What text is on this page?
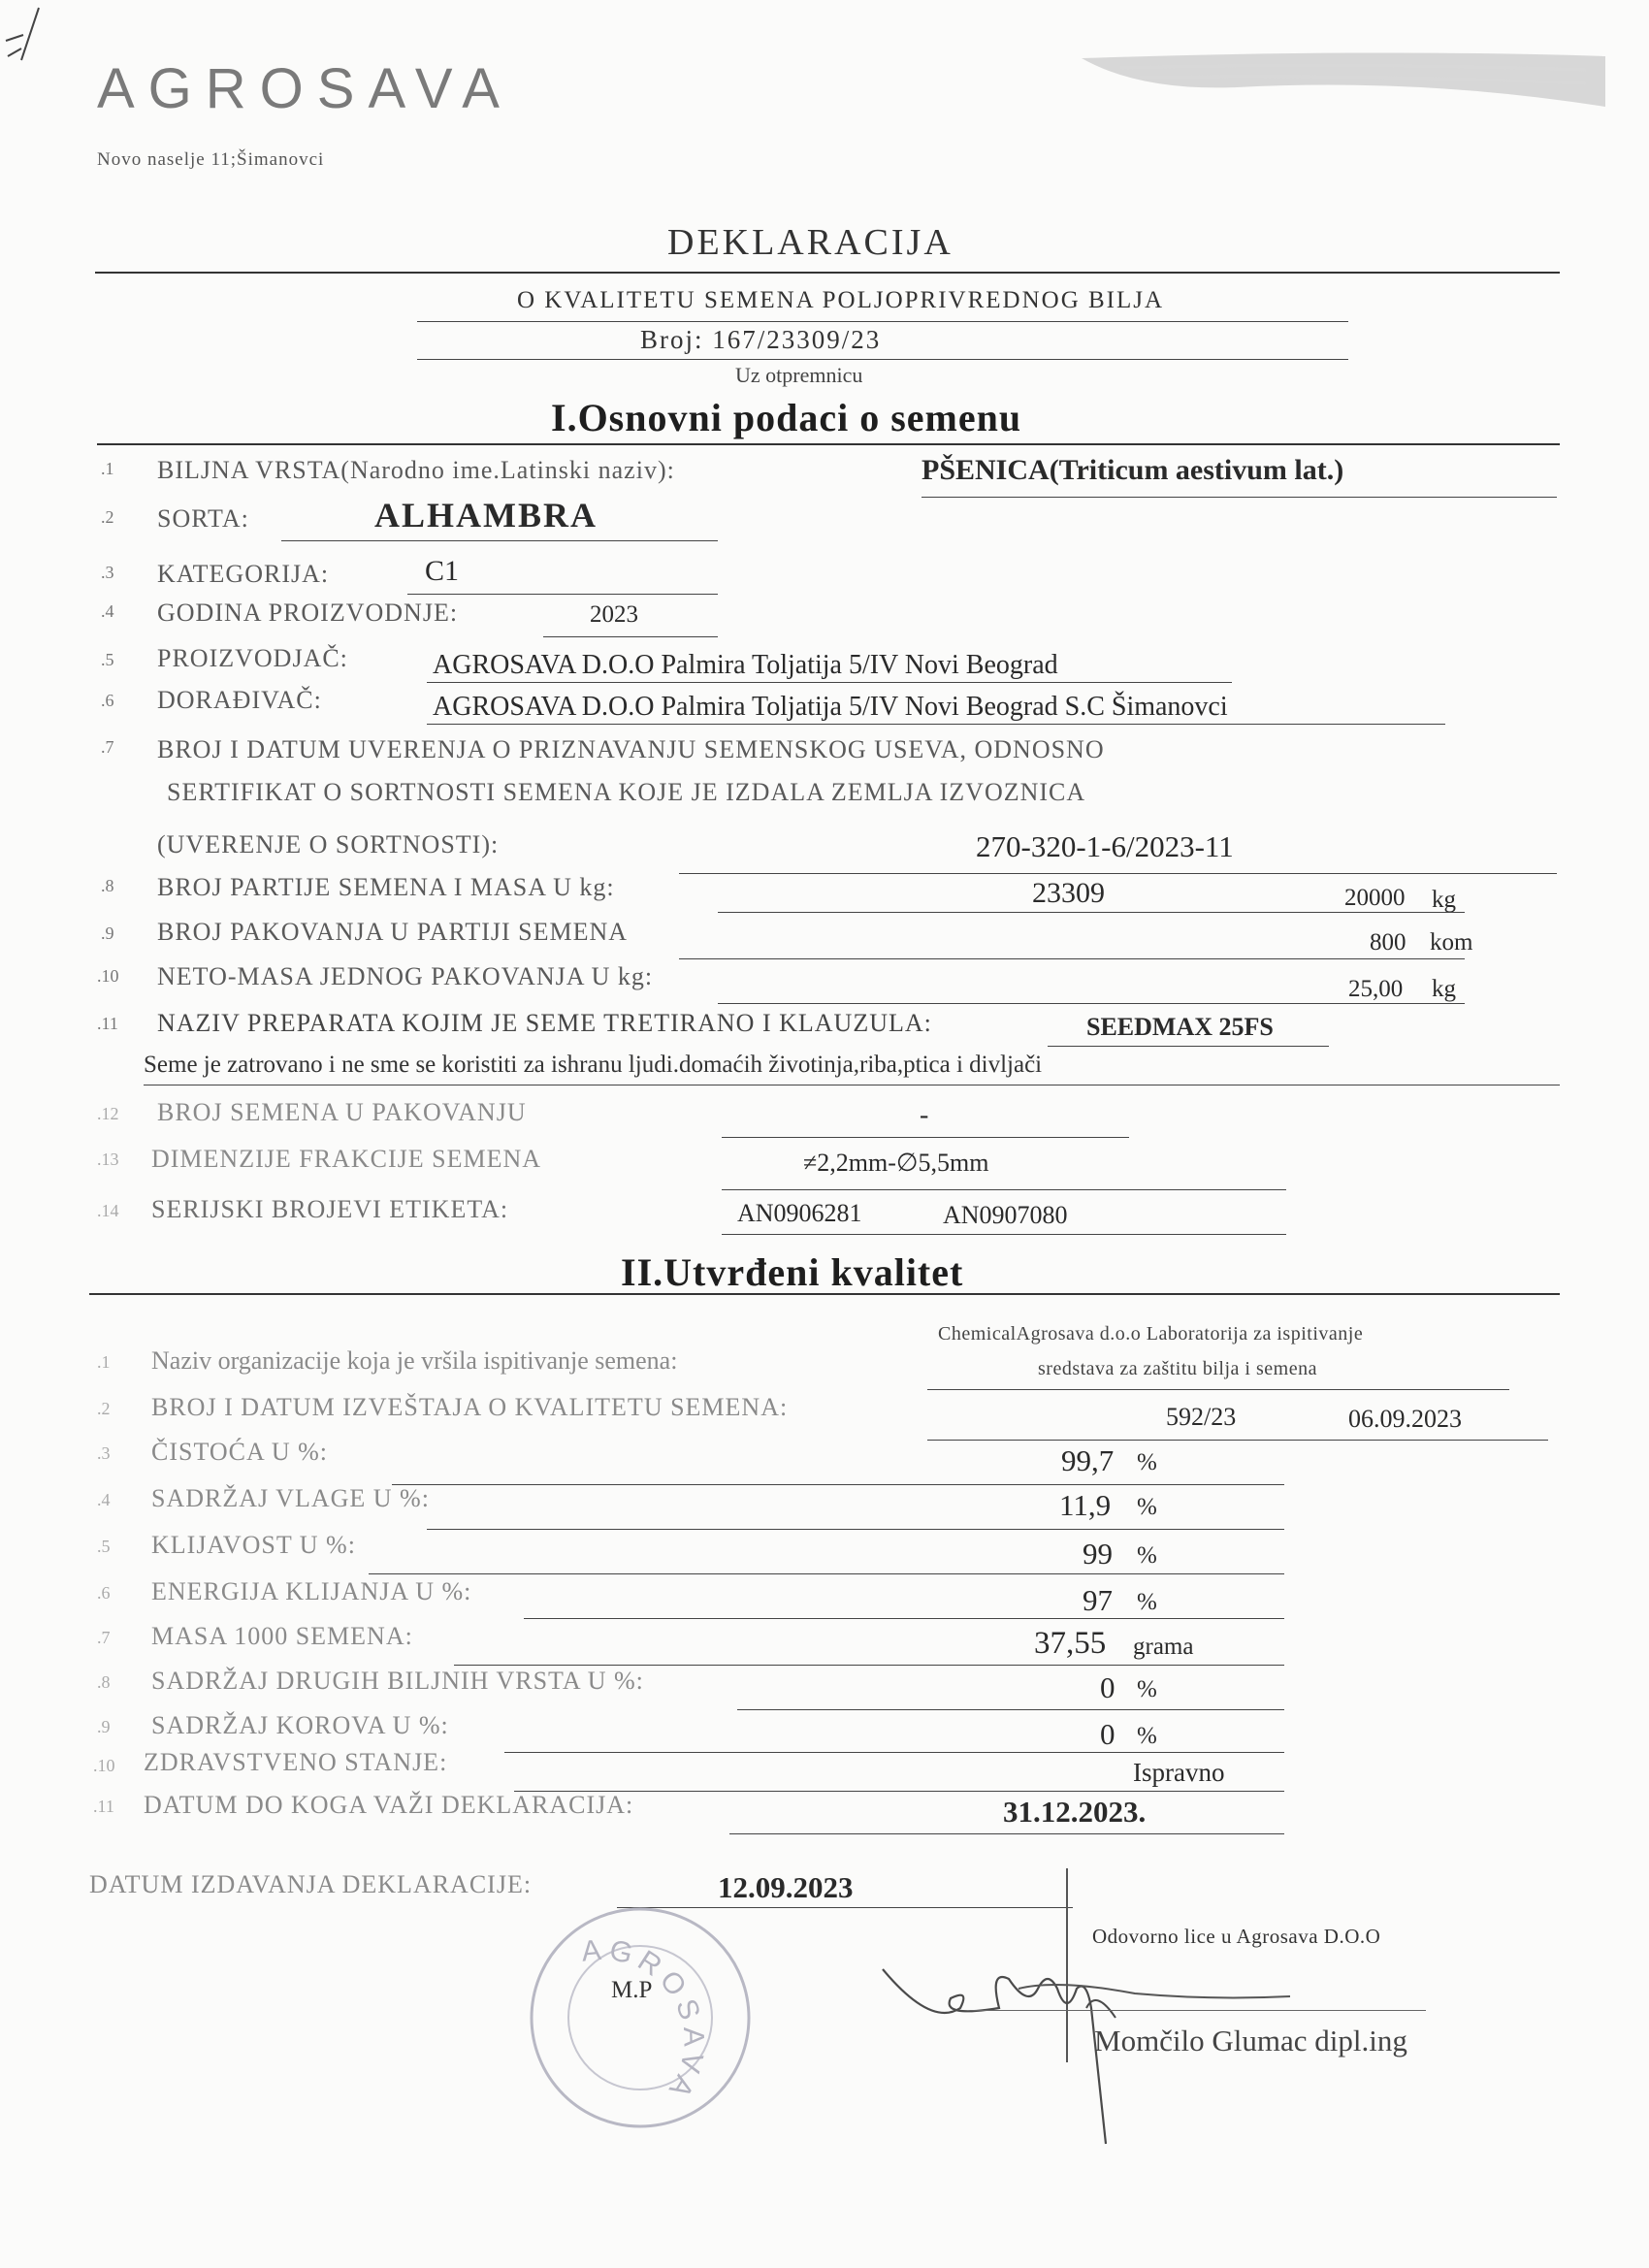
AGROSAVA
Novo naselje 11;Šimanovci
DEKLARACIJA
O KVALITETU SEMENA POLJOPRIVREDNOG BILJA
Broj: 167/23309/23
Uz otpremnicu
I.Osnovni podaci o semenu
.1 BILJNA VRSTA(Narodno ime.Latinski naziv):	PŠENICA(Triticum aestivum lat.)
.2 SORTA:	ALHAMBRA
.3 KATEGORIJA:	C1
.4 GODINA PROIZVODNJE:	2023
.5 PROIZVODJAČ:	AGROSAVA D.O.O Palmira Toljatija 5/IV Novi Beograd
.6 DORAĐIVAČ:	AGROSAVA D.O.O Palmira Toljatija 5/IV Novi Beograd S.C Šimanovci
.7 BROJ I DATUM UVERENJA O PRIZNAVANJU SEMENSKOG USEVA, ODNOSNO
SERTIFIKAT O SORTNOSTI SEMENA KOJE JE IZDALA ZEMLJA IZVOZNICA
(UVERENJE O SORTNOSTI):	270-320-1-6/2023-11
.8 BROJ PARTIJE SEMENA I MASA U kg:	23309	20000 kg
.9 BROJ PAKOVANJA U PARTIJI SEMENA	800 kom
.10 NETO-MASA JEDNOG PAKOVANJA U kg:	25,00 kg
.11 NAZIV PREPARATA KOJIM JE SEME TRETIRANO I KLAUZULA:	SEEDMAX 25FS
Seme je zatrovano i ne sme se koristiti za ishranu ljudi.domaćih životinja,riba,ptica i divljači
.12 BROJ SEMENA U PAKOVANJU	-
.13 DIMENZIJE FRAKCIJE SEMENA	≠2,2mm-∅5,5mm
.14 SERIJSKI BROJEVI ETIKETA:	AN0906281	AN0907080
II.Utvrđeni kvalitet
.1 Naziv organizacije koja je vršila ispitivanje semena:
ChemicalAgrosava d.o.o Laboratorija za ispitivanje
sredstava za zaštitu bilja i semena
.2 BROJ I DATUM IZVEŠTAJA O KVALITETU SEMENA:	592/23	06.09.2023
.3 ČISTOĆA U %:	99,7 %
.4 SADRŽAJ VLAGE U %:	11,9 %
.5 KLIJAVOST U %:	99 %
.6 ENERGIJA KLIJANJA U %:	97 %
.7 MASA 1000 SEMENA:	37,55 grama
.8 SADRŽAJ DRUGIH BILJNIH VRSTA U %:	0 %
.9 SADRŽAJ KOROVA U %:	0 %
.10 ZDRAVSTVENO STANJE:	Ispravno
.11 DATUM DO KOGA VAŽI DEKLARACIJA:	31.12.2023.
DATUM IZDAVANJA DEKLARACIJE:	12.09.2023
AGROSAVA
M.P
Odovorno lice u Agrosava D.O.O
Momčilo Glumac dipl.ing
